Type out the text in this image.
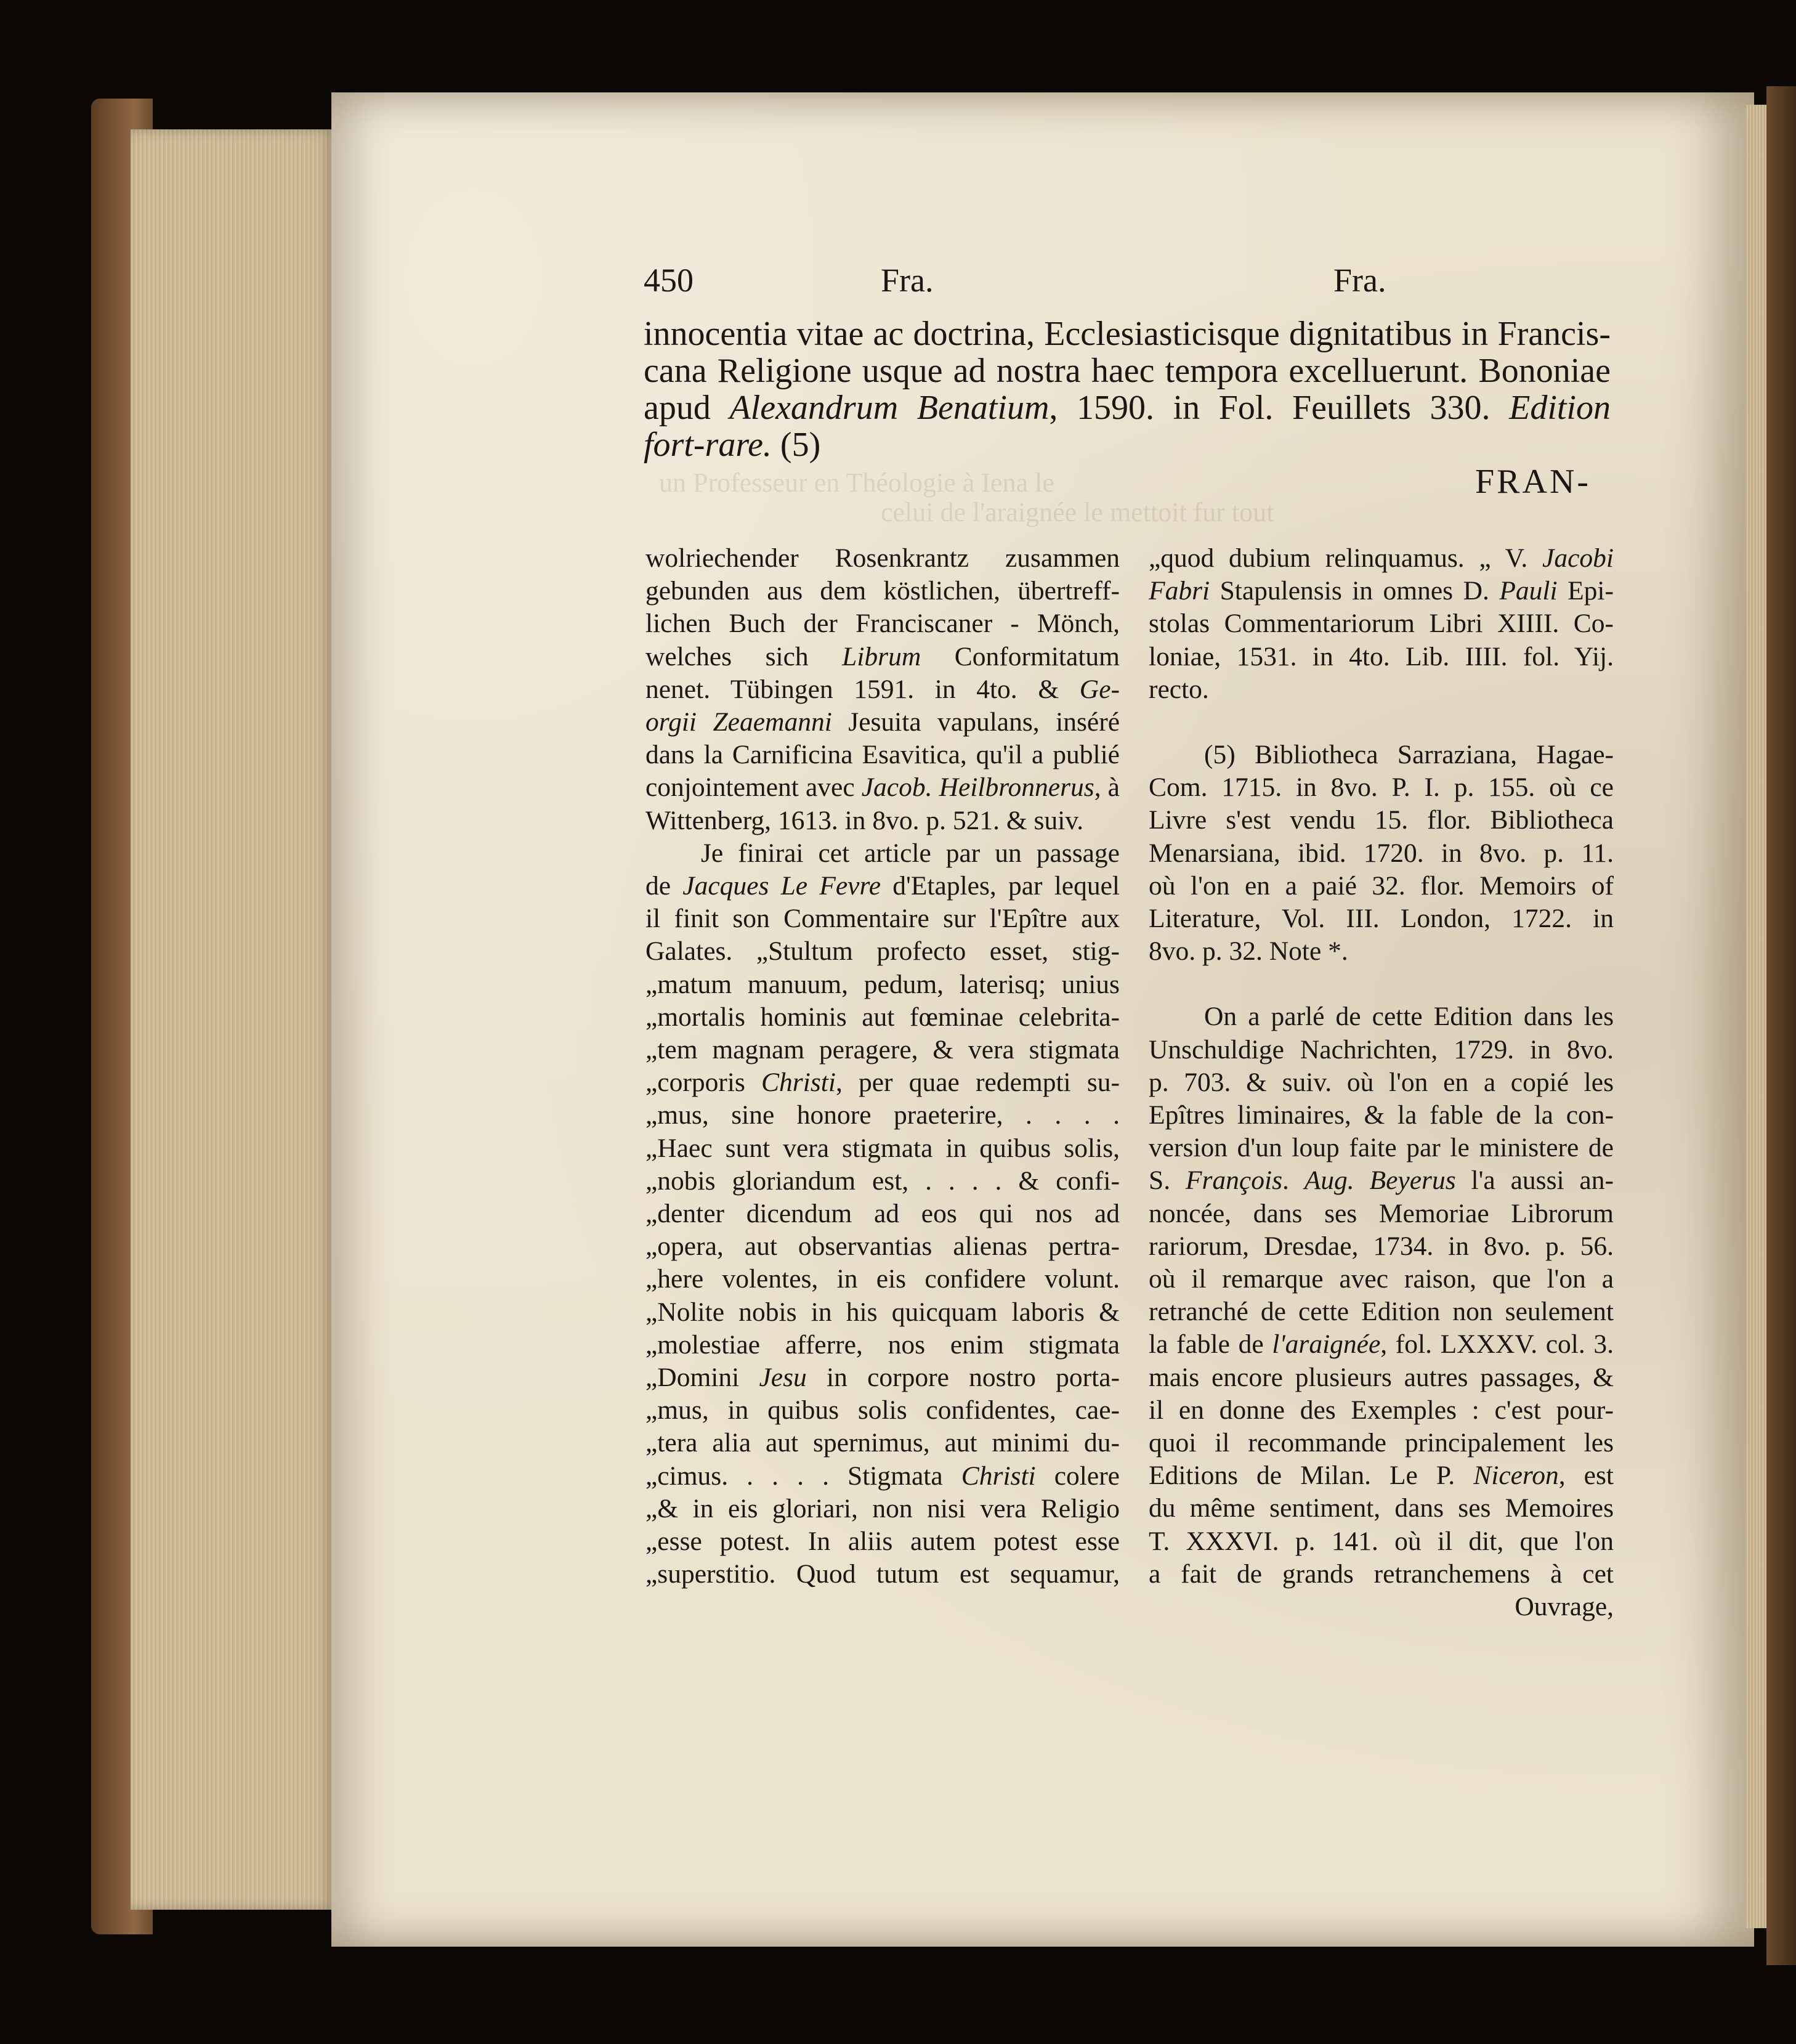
un Professeur en Théologie à Iena le
celui de l'araignée le mettoit fur tout
450	Fra.	Fra.
innocentia vitae ac doctrina, Ecclesiasticisque dignitatibus in Francis-
cana Religione usque ad nostra haec tempora excelluerunt. Bononiae
apud Alexandrum Benatium, 1590. in Fol. Feuillets 330. Edition
fort-rare. (5)
FRAN-
wolriechender Rosenkrantz zusammen
gebunden aus dem köstlichen, übertreff-
lichen Buch der Franciscaner - Mönch,
welches sich Librum Conformitatum
nenet. Tübingen 1591. in 4to. & Ge-
orgii Zeaemanni Jesuita vapulans, inséré
dans la Carnificina Esavitica, qu'il a publié
conjointement avec Jacob. Heilbronnerus, à
Wittenberg, 1613. in 8vo. p. 521. & suiv.
Je finirai cet article par un passage
de Jacques Le Fevre d'Etaples, par lequel
il finit son Commentaire sur l'Epître aux
Galates. „Stultum profecto esset, stig-
„matum manuum, pedum, laterisq; unius
„mortalis hominis aut fœminae celebrita-
„tem magnam peragere, & vera stigmata
„corporis Christi, per quae redempti su-
„mus, sine honore praeterire, . . . .
„Haec sunt vera stigmata in quibus solis,
„nobis gloriandum est, . . . . & confi-
„denter dicendum ad eos qui nos ad
„opera, aut observantias alienas pertra-
„here volentes, in eis confidere volunt.
„Nolite nobis in his quicquam laboris &
„molestiae afferre, nos enim stigmata
„Domini Jesu in corpore nostro porta-
„mus, in quibus solis confidentes, cae-
„tera alia aut spernimus, aut minimi du-
„cimus. . . . . Stigmata Christi colere
„& in eis gloriari, non nisi vera Religio
„esse potest. In aliis autem potest esse
„superstitio. Quod tutum est sequamur,
„quod dubium relinquamus. „ V. Jacobi
Fabri Stapulensis in omnes D. Pauli Epi-
stolas Commentariorum Libri XIIII. Co-
loniae, 1531. in 4to. Lib. IIII. fol. Yij.
recto.
(5) Bibliotheca Sarraziana, Hagae-
Com. 1715. in 8vo. P. I. p. 155. où ce
Livre s'est vendu 15. flor. Bibliotheca
Menarsiana, ibid. 1720. in 8vo. p. 11.
où l'on en a paié 32. flor. Memoirs of
Literature, Vol. III. London, 1722. in
8vo. p. 32. Note *.
On a parlé de cette Edition dans les
Unschuldige Nachrichten, 1729. in 8vo.
p. 703. & suiv. où l'on en a copié les
Epîtres liminaires, & la fable de la con-
version d'un loup faite par le ministere de
S. François. Aug. Beyerus l'a aussi an-
noncée, dans ses Memoriae Librorum
rariorum, Dresdae, 1734. in 8vo. p. 56.
où il remarque avec raison, que l'on a
retranché de cette Edition non seulement
la fable de l'araignée, fol. LXXXV. col. 3.
mais encore plusieurs autres passages, &
il en donne des Exemples : c'est pour-
quoi il recommande principalement les
Editions de Milan. Le P. Niceron, est
du même sentiment, dans ses Memoires
T. XXXVI. p. 141. où il dit, que l'on
a fait de grands retranchemens à cet
Ouvrage,
